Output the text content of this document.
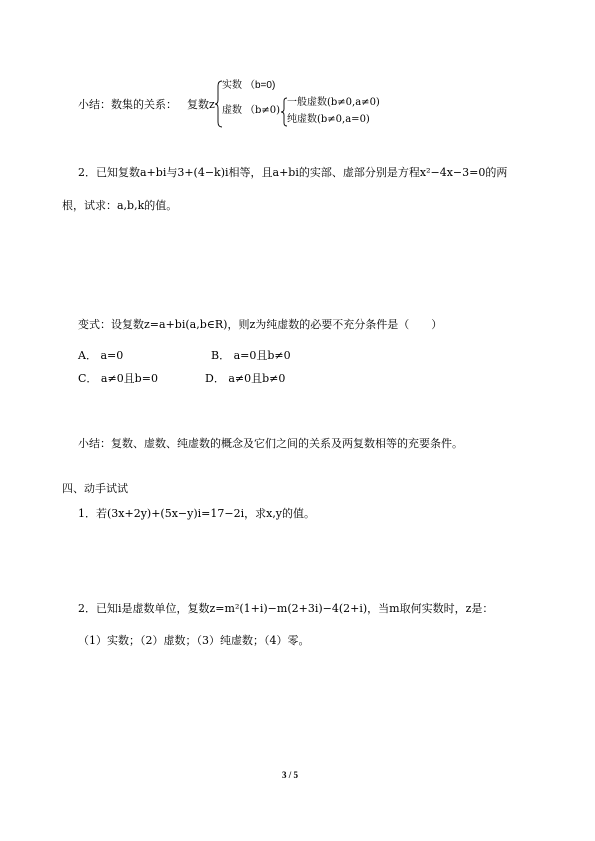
小结：数集的关系： 复数z
实数 （b=0)
虚数 （b≠0)
一般虚数(b≠0,a≠0)
纯虚数(b≠0,a=0)
2．已知复数a+bi与3+(4−k)i相等，且a+bi的实部、虚部分别是方程x²−4x−3=0的两
根，试求：a,b,k的值。
变式：设复数z=a+bi(a,b∈R)，则z为纯虚数的必要不充分条件是（　　）
A． a=0	B． a=0且b≠0
C． a≠0且b=0	D． a≠0且b≠0
小结：复数、虚数、纯虚数的概念及它们之间的关系及两复数相等的充要条件。
四、动手试试
1．若(3x+2y)+(5x−y)i=17−2i，求x,y的值。
2．已知i是虚数单位，复数z=m²(1+i)−m(2+3i)−4(2+i)，当m取何实数时，z是：
（1）实数；（2）虚数；（3）纯虚数；（4）零。
3 / 5
